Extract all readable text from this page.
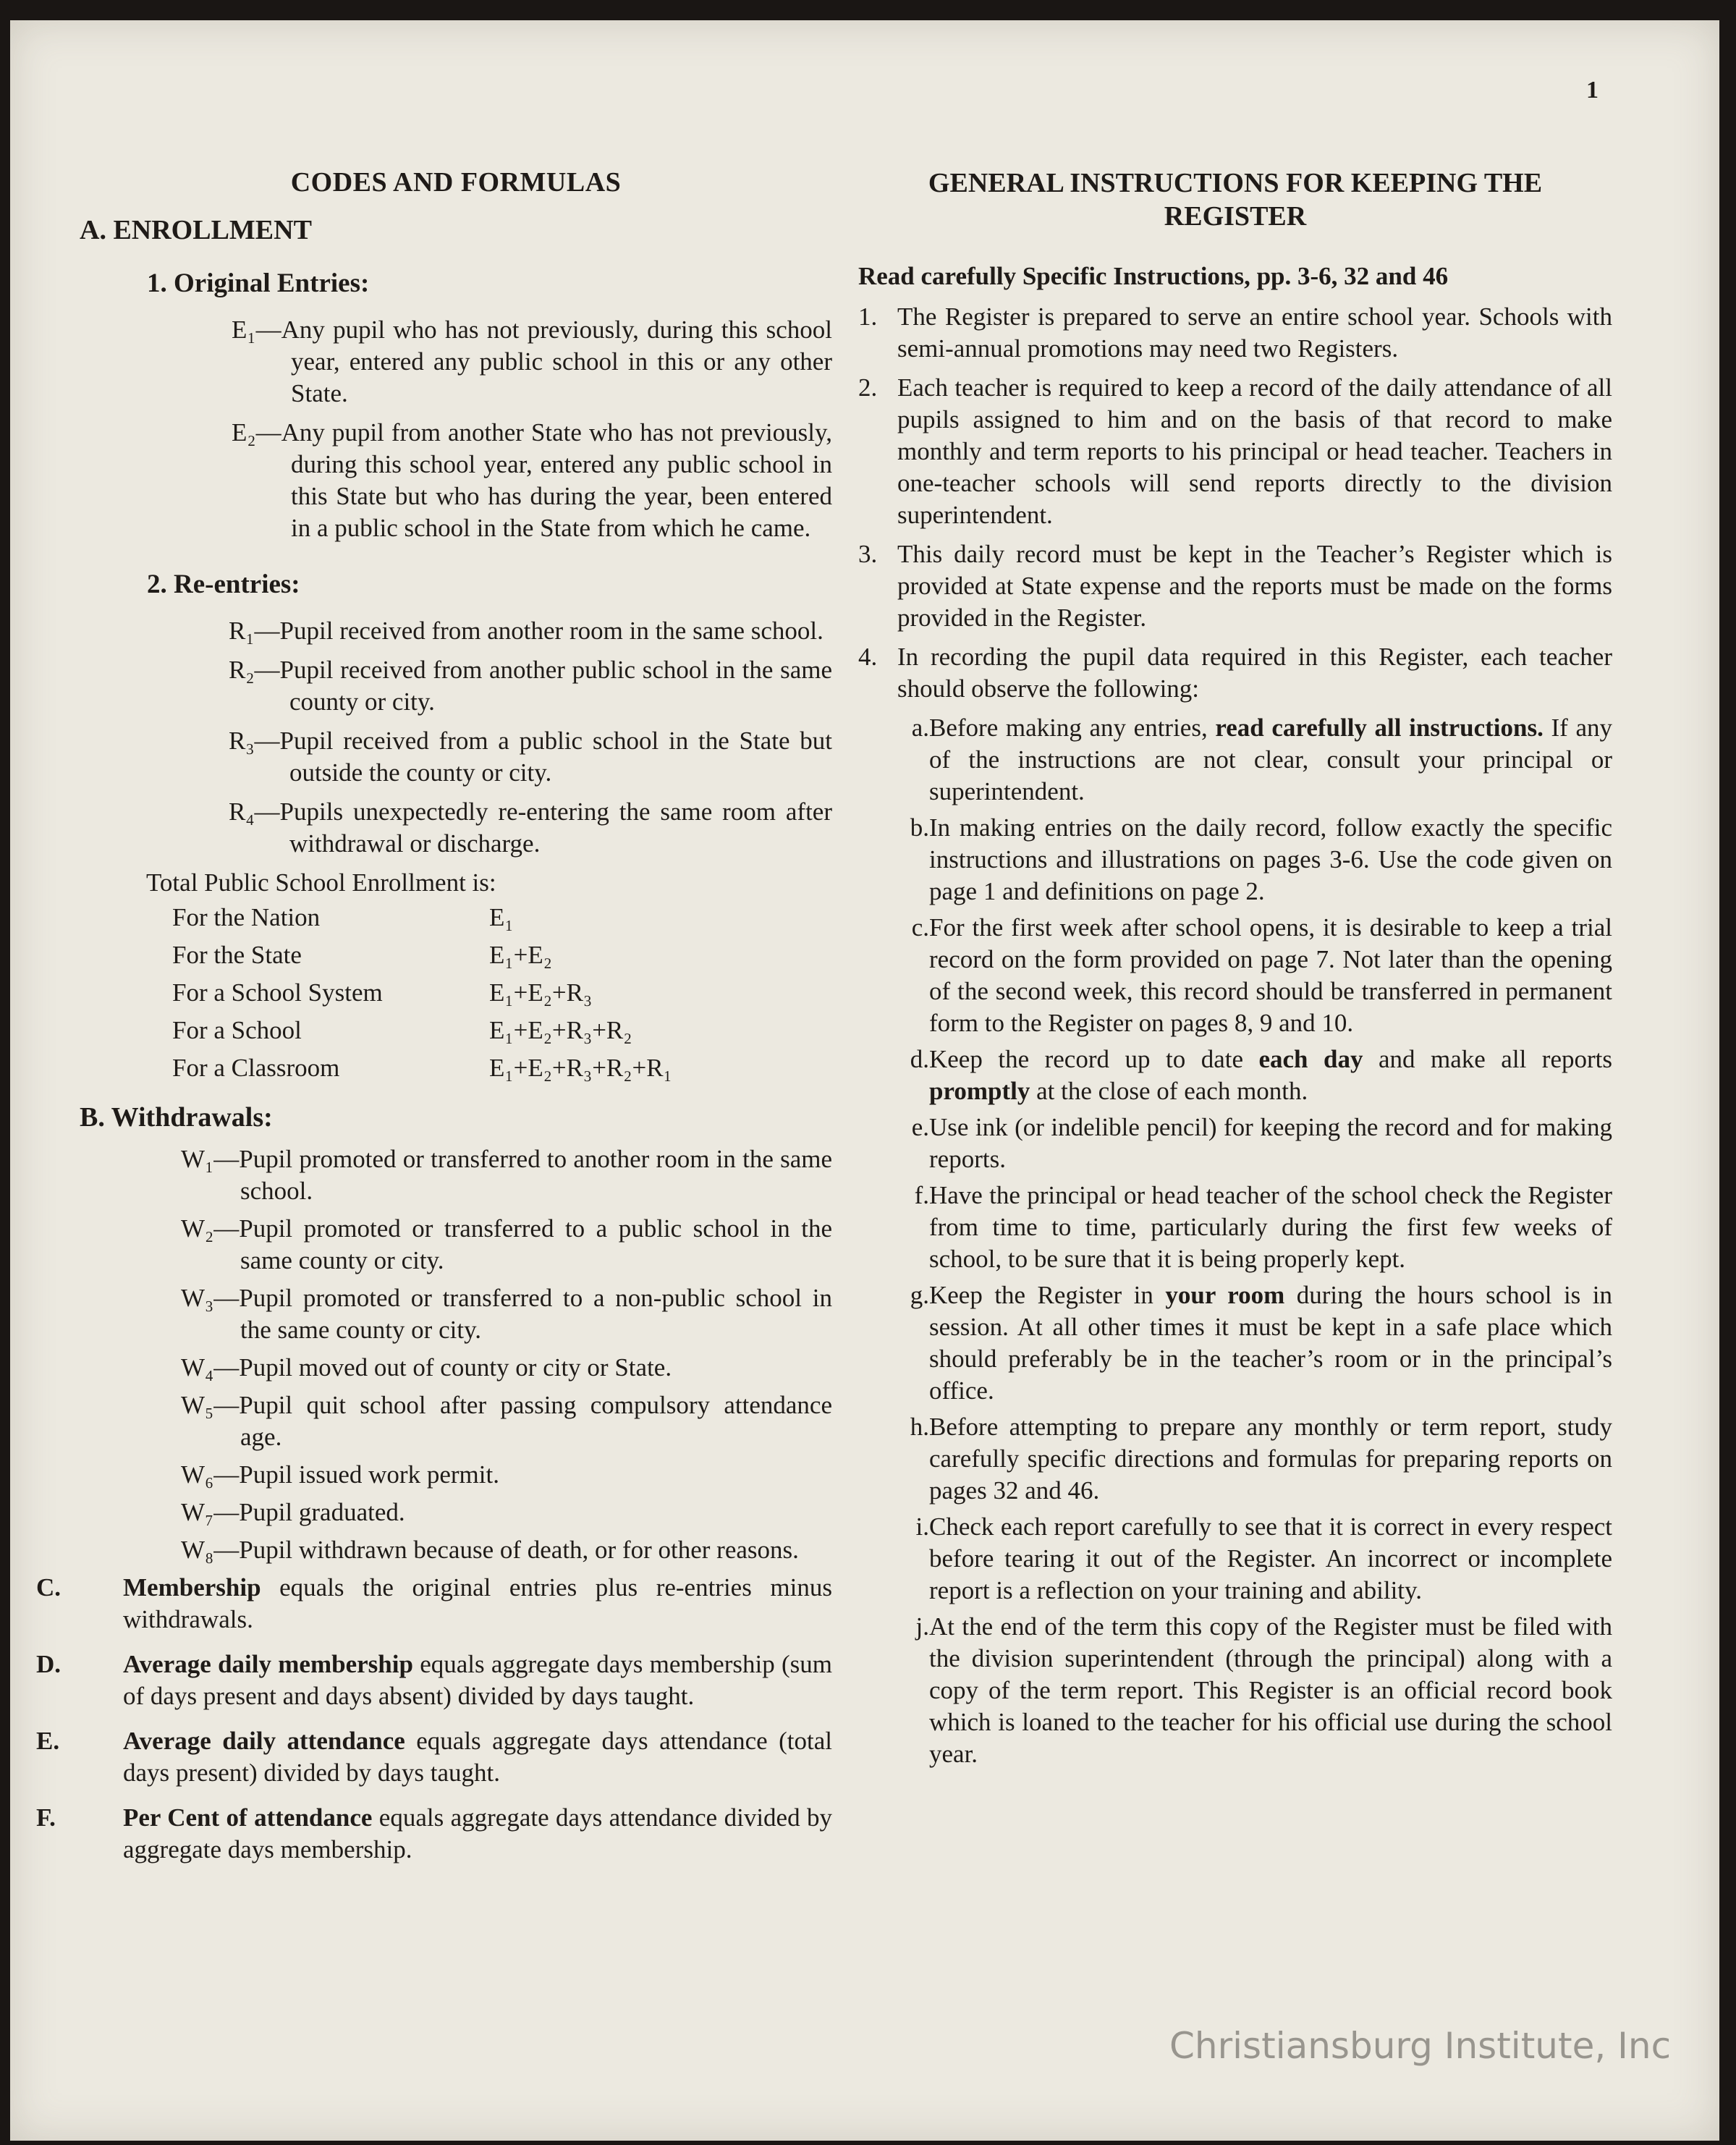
1
CODES AND FORMULAS
A. ENROLLMENT
1. Original Entries:
E₁—Any pupil who has not previously, during this school year, entered any public school in this or any other State.
E₂—Any pupil from another State who has not previously, during this school year, entered any public school in this State but who has during the year, been entered in a public school in the State from which he came.
2. Re-entries:
R₁—Pupil received from another room in the same school.
R₂—Pupil received from another public school in the same county or city.
R₃—Pupil received from a public school in the State but outside the county or city.
R₄—Pupils unexpectedly re-entering the same room after withdrawal or discharge.
Total Public School Enrollment is:
For the Nation	E₁
For the State	E₁+E₂
For a School System	E₁+E₂+R₃
For a School	E₁+E₂+R₃+R₂
For a Classroom	E₁+E₂+R₃+R₂+R₁
B. Withdrawals:
W₁—Pupil promoted or transferred to another room in the same school.
W₂—Pupil promoted or transferred to a public school in the same county or city.
W₃—Pupil promoted or transferred to a non-public school in the same county or city.
W₄—Pupil moved out of county or city or State.
W₅—Pupil quit school after passing compulsory attendance age.
W₆—Pupil issued work permit.
W₇—Pupil graduated.
W₈—Pupil withdrawn because of death, or for other reasons.
C. Membership equals the original entries plus re-entries minus withdrawals.
D. Average daily membership equals aggregate days membership (sum of days present and days absent) divided by days taught.
E.	Average daily attendance equals aggregate days attendance (total days present) divided by days taught.
F.	Per Cent of attendance equals aggregate days attendance divided by aggregate days membership.
GENERAL INSTRUCTIONS FOR KEEPING THE
REGISTER
Read carefully Specific Instructions, pp. 3-6, 32 and 46
1. The Register is prepared to serve an entire school year. Schools with semi-annual promotions may need two Registers.
2. Each teacher is required to keep a record of the daily attendance of all pupils assigned to him and on the basis of that record to make monthly and term reports to his principal or head teacher. Teachers in one-teacher schools will send reports directly to the division superintendent.
3. This daily record must be kept in the Teacher’s Register which is provided at State expense and the reports must be made on the forms provided in the Register.
4. In recording the pupil data required in this Register, each teacher should observe the following:
a.Before making any entries, read carefully all instructions. If any of the instructions are not clear, consult your principal or superintendent.
b.In making entries on the daily record, follow exactly the specific instructions and illustrations on pages 3-6. Use the code given on page 1 and definitions on page 2.
c.For the first week after school opens, it is desirable to keep a trial record on the form provided on page 7. Not later than the opening of the second week, this record should be transferred in permanent form to the Register on pages 8, 9 and 10.
d.Keep the record up to date each day and make all reports promptly at the close of each month.
e.Use ink (or indelible pencil) for keeping the record and for making reports.
f.Have the principal or head teacher of the school check the Register from time to time, particularly during the first few weeks of school, to be sure that it is being properly kept.
g.Keep the Register in your room during the hours school is in session. At all other times it must be kept in a safe place which should preferably be in the teacher’s room or in the principal’s office.
h.Before attempting to prepare any monthly or term report, study carefully specific directions and formulas for preparing reports on pages 32 and 46.
i.Check each report carefully to see that it is correct in every respect before tearing it out of the Register. An incorrect or incomplete report is a reflection on your training and ability.
j.At the end of the term this copy of the Register must be filed with the division superintendent (through the principal) along with a copy of the term report. This Register is an official record book which is loaned to the teacher for his official use during the school year.
Christiansburg Institute, Inc
